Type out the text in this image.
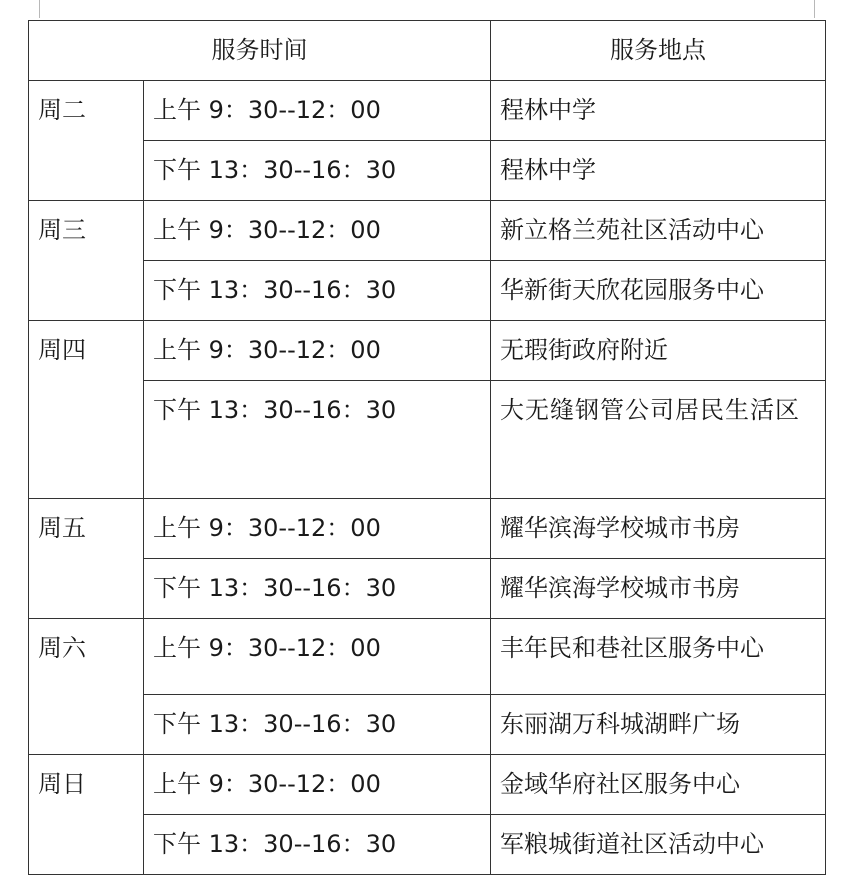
服务时间		服务地点
周二	上午 9：30--12：00	程林中学
	下午 13：30--16：30	程林中学
周三	上午 9：30--12：00	新立格兰苑社区活动中心
	下午 13：30--16：30	华新街天欣花园服务中心
周四	上午 9：30--12：00	无瑕街政府附近
	下午 13：30--16：30	大无缝钢管公司居民生活区
周五	上午 9：30--12：00	耀华滨海学校城市书房
	下午 13：30--16：30	耀华滨海学校城市书房
周六	上午 9：30--12：00	丰年民和巷社区服务中心
	下午 13：30--16：30	东丽湖万科城湖畔广场
周日	上午 9：30--12：00	金域华府社区服务中心
	下午 13：30--16：30	军粮城街道社区活动中心
